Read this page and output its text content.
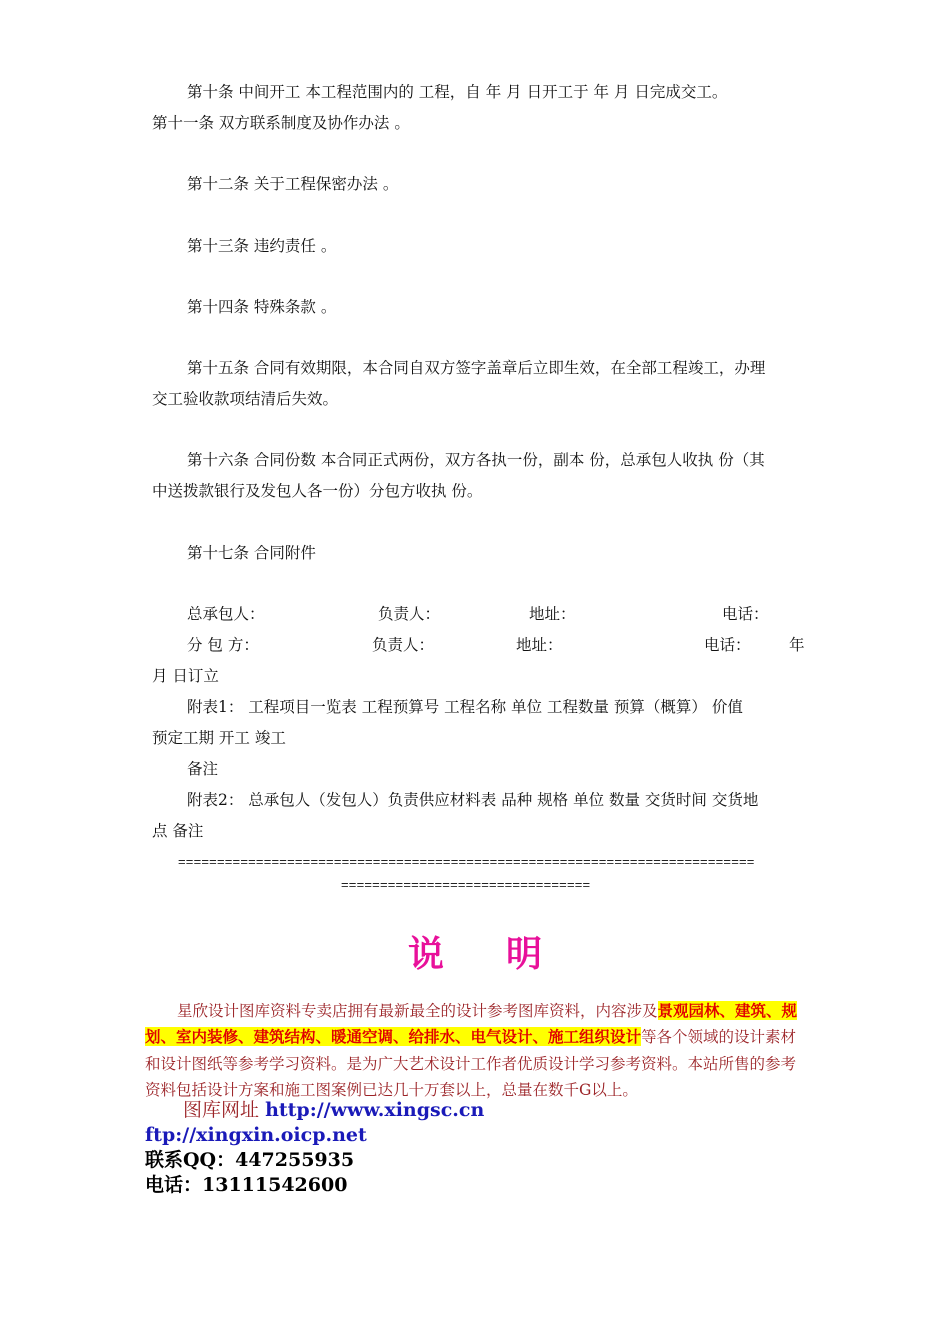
第十条 中间开工 本工程范围内的 工程，自 年 月 日开工于 年 月 日完成交工。
第十一条 双方联系制度及协作办法 。
第十二条 关于工程保密办法 。
第十三条 违约责任 。
第十四条 特殊条款 。
第十五条 合同有效期限，本合同自双方签字盖章后立即生效，在全部工程竣工，办理
交工验收款项结清后失效。
第十六条 合同份数 本合同正式两份，双方各执一份，副本 份，总承包人收执 份（其
中送拨款银行及发包人各一份）分包方收执 份。
第十七条 合同附件
总承包人：	负责人：	地址：	电话：
分 包 方：	负责人：	地址：	电话： 年
月 日订立
附表1： 工程项目一览表 工程预算号 工程名称 单位 工程数量 预算（概算） 价值
预定工期 开工 竣工
备注
附表2： 总承包人（发包人）负责供应材料表 品种 规格 单位 数量 交货时间 交货地
点 备注
==========================================================================
================================
说 明
星欣设计图库资料专卖店拥有最新最全的设计参考图库资料，内容涉及景观园林、建筑、规划、室内装修、建筑结构、暖通空调、给排水、电气设计、施工组织设计等各个领域的设计素材和设计图纸等参考学习资料。是为广大艺术设计工作者优质设计学习参考资料。本站所售的参考资料包括设计方案和施工图案例已达几十万套以上，总量在数千G以上。
图库网址 http://www.xingsc.cn
ftp://xingxin.oicp.net
联系QQ：447255935
电话：13111542600
